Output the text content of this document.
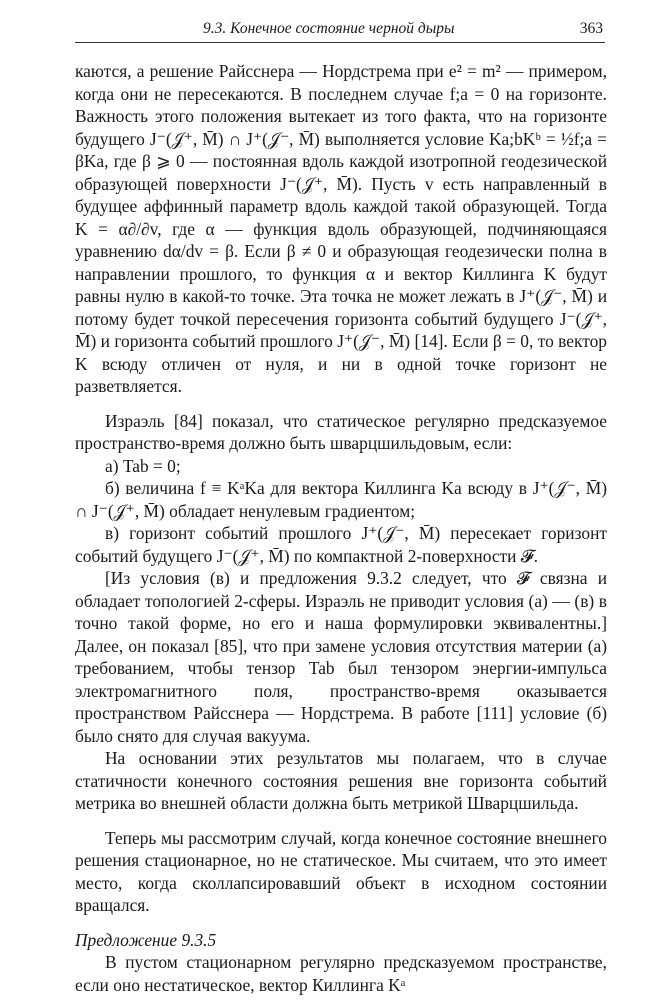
9.3. Конечное состояние черной дыры	363

каются, а решение Райсснера — Нордстрема при e² = m² — примером, когда они не пересекаются. В последнем случае f;a = 0 на горизонте. Важность этого положения вытекает из того факта, что на горизонте будущего J⁻(𝒥⁺, M̄) ∩ J⁺(𝒥⁻, M̄) выполняется условие Ka;bKᵇ = ½f;a = βKa, где β ⩾ 0 — постоянная вдоль каждой изотропной геодезической образующей поверхности J⁻(𝒥⁺, M̄). Пусть v есть направленный в будущее аффинный параметр вдоль каждой такой образующей. Тогда K = α∂/∂v, где α — функция вдоль образующей, подчиняющаяся уравнению dα/dv = β. Если β ≠ 0 и образующая геодезически полна в направлении прошлого, то функция α и вектор Киллинга K будут равны нулю в какой-то точке. Эта точка не может лежать в J⁺(𝒥⁻, M̄) и потому будет точкой пересечения горизонта событий будущего J⁻(𝒥⁺, M̄) и горизонта событий прошлого J⁺(𝒥⁻, M̄) [14]. Если β = 0, то вектор K всюду отличен от нуля, и ни в одной точке горизонт не разветвляется.

Израэль [84] показал, что статическое регулярно предсказуемое пространство-время должно быть шварцшильдовым, если:

а) Tab = 0;

б) величина f ≡ KᵃKa для вектора Киллинга Ka всюду в J⁺(𝒥⁻, M̄) ∩ J⁻(𝒥⁺, M̄) обладает ненулевым градиентом;

в) горизонт событий прошлого J⁺(𝒥⁻, M̄) пересекает горизонт событий будущего J⁻(𝒥⁺, M̄) по компактной 2-поверхности 𝓕.

[Из условия (в) и предложения 9.3.2 следует, что 𝓕 связна и обладает топологией 2-сферы. Израэль не приводит условия (а) — (в) в точно такой форме, но его и наша формулировки эквивалентны.] Далее, он показал [85], что при замене условия отсутствия материи (а) требованием, чтобы тензор Tab был тензором энергии-импульса электромагнитного поля, пространство-время оказывается пространством Райсснера — Нордстрема. В работе [111] условие (б) было снято для случая вакуума.

На основании этих результатов мы полагаем, что в случае статичности конечного состояния решения вне горизонта событий метрика во внешней области должна быть метрикой Шварцшильда.

Теперь мы рассмотрим случай, когда конечное состояние внешнего решения стационарное, но не статическое. Мы считаем, что это имеет место, когда сколлапсировавший объект в исходном состоянии вращался.

Предложение 9.3.5

В пустом стационарном регулярно предсказуемом пространстве, если оно нестатическое, вектор Киллинга Kᵃ
